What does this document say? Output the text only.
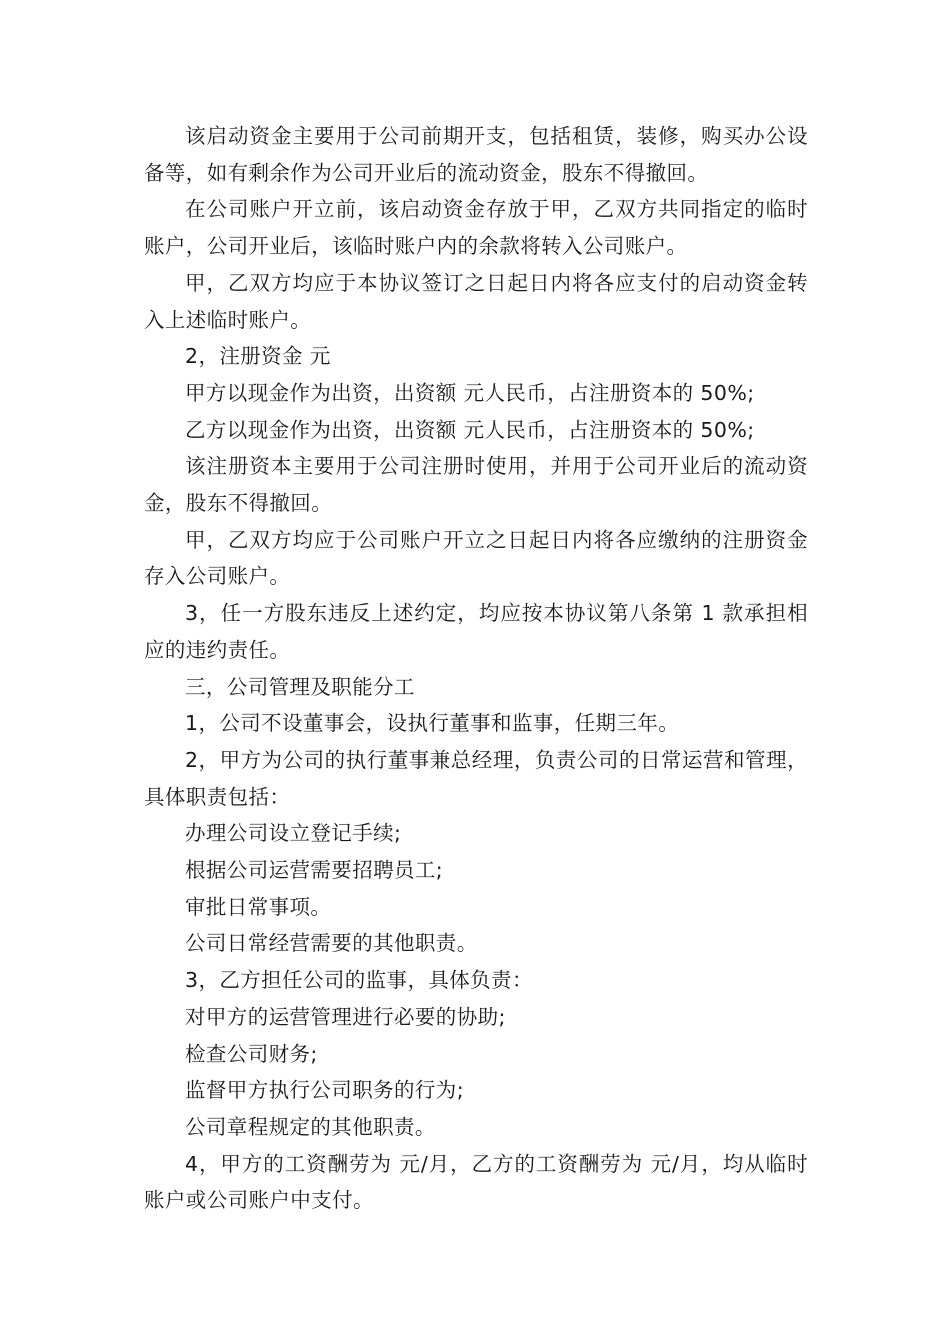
该启动资金主要用于公司前期开支，包括租赁，装修，购买办公设备等，如有剩余作为公司开业后的流动资金，股东不得撤回。

在公司账户开立前，该启动资金存放于甲，乙双方共同指定的临时账户，公司开业后，该临时账户内的余款将转入公司账户。

甲，乙双方均应于本协议签订之日起日内将各应支付的启动资金转入上述临时账户。

2，注册资金 元

甲方以现金作为出资，出资额 元人民币，占注册资本的 50%;

乙方以现金作为出资，出资额 元人民币，占注册资本的 50%;

该注册资本主要用于公司注册时使用，并用于公司开业后的流动资金，股东不得撤回。

甲，乙双方均应于公司账户开立之日起日内将各应缴纳的注册资金存入公司账户。

3，任一方股东违反上述约定，均应按本协议第八条第 1 款承担相应的违约责任。

三，公司管理及职能分工

1，公司不设董事会，设执行董事和监事，任期三年。

2，甲方为公司的执行董事兼总经理，负责公司的日常运营和管理，具体职责包括：

办理公司设立登记手续;

根据公司运营需要招聘员工;

审批日常事项。

公司日常经营需要的其他职责。

3，乙方担任公司的监事，具体负责：

对甲方的运营管理进行必要的协助;

检查公司财务;

监督甲方执行公司职务的行为;

公司章程规定的其他职责。

4，甲方的工资酬劳为 元/月，乙方的工资酬劳为 元/月，均从临时账户或公司账户中支付。
